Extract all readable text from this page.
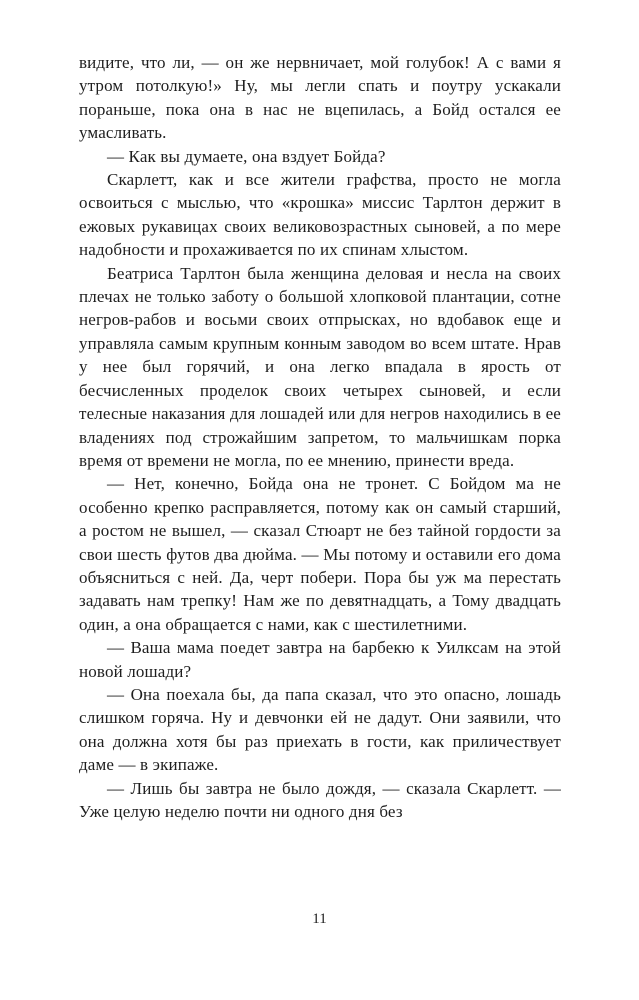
видите, что ли, — он же нервничает, мой голубок! А с вами я утром потолкую!» Ну, мы легли спать и поутру ускакали пораньше, пока она в нас не вцепилась, а Бойд остался ее умасливать.

— Как вы думаете, она вздует Бойда?

Скарлетт, как и все жители графства, просто не могла освоиться с мыслью, что «крошка» миссис Тарлтон держит в ежовых рукавицах своих великовозрастных сыновей, а по мере надобности и прохаживается по их спинам хлыстом.

Беатриса Тарлтон была женщина деловая и несла на своих плечах не только заботу о большой хлопковой плантации, сотне негров-рабов и восьми своих отпрысках, но вдобавок еще и управляла самым крупным конным заводом во всем штате. Нрав у нее был горячий, и она легко впадала в ярость от бесчисленных проделок своих четырех сыновей, и если телесные наказания для лошадей или для негров находились в ее владениях под строжайшим запретом, то мальчишкам порка время от времени не могла, по ее мнению, принести вреда.

— Нет, конечно, Бойда она не тронет. С Бойдом ма не особенно крепко расправляется, потому как он самый старший, а ростом не вышел, — сказал Стюарт не без тайной гордости за свои шесть футов два дюйма. — Мы потому и оставили его дома объясниться с ней. Да, черт побери. Пора бы уж ма перестать задавать нам трепку! Нам же по девятнадцать, а Тому двадцать один, а она обращается с нами, как с шестилетними.

— Ваша мама поедет завтра на барбекю к Уилксам на этой новой лошади?

— Она поехала бы, да папа сказал, что это опасно, лошадь слишком горяча. Ну и девчонки ей не дадут. Они заявили, что она должна хотя бы раз приехать в гости, как приличествует даме — в экипаже.

— Лишь бы завтра не было дождя, — сказала Скарлетт. — Уже целую неделю почти ни одного дня без

11
